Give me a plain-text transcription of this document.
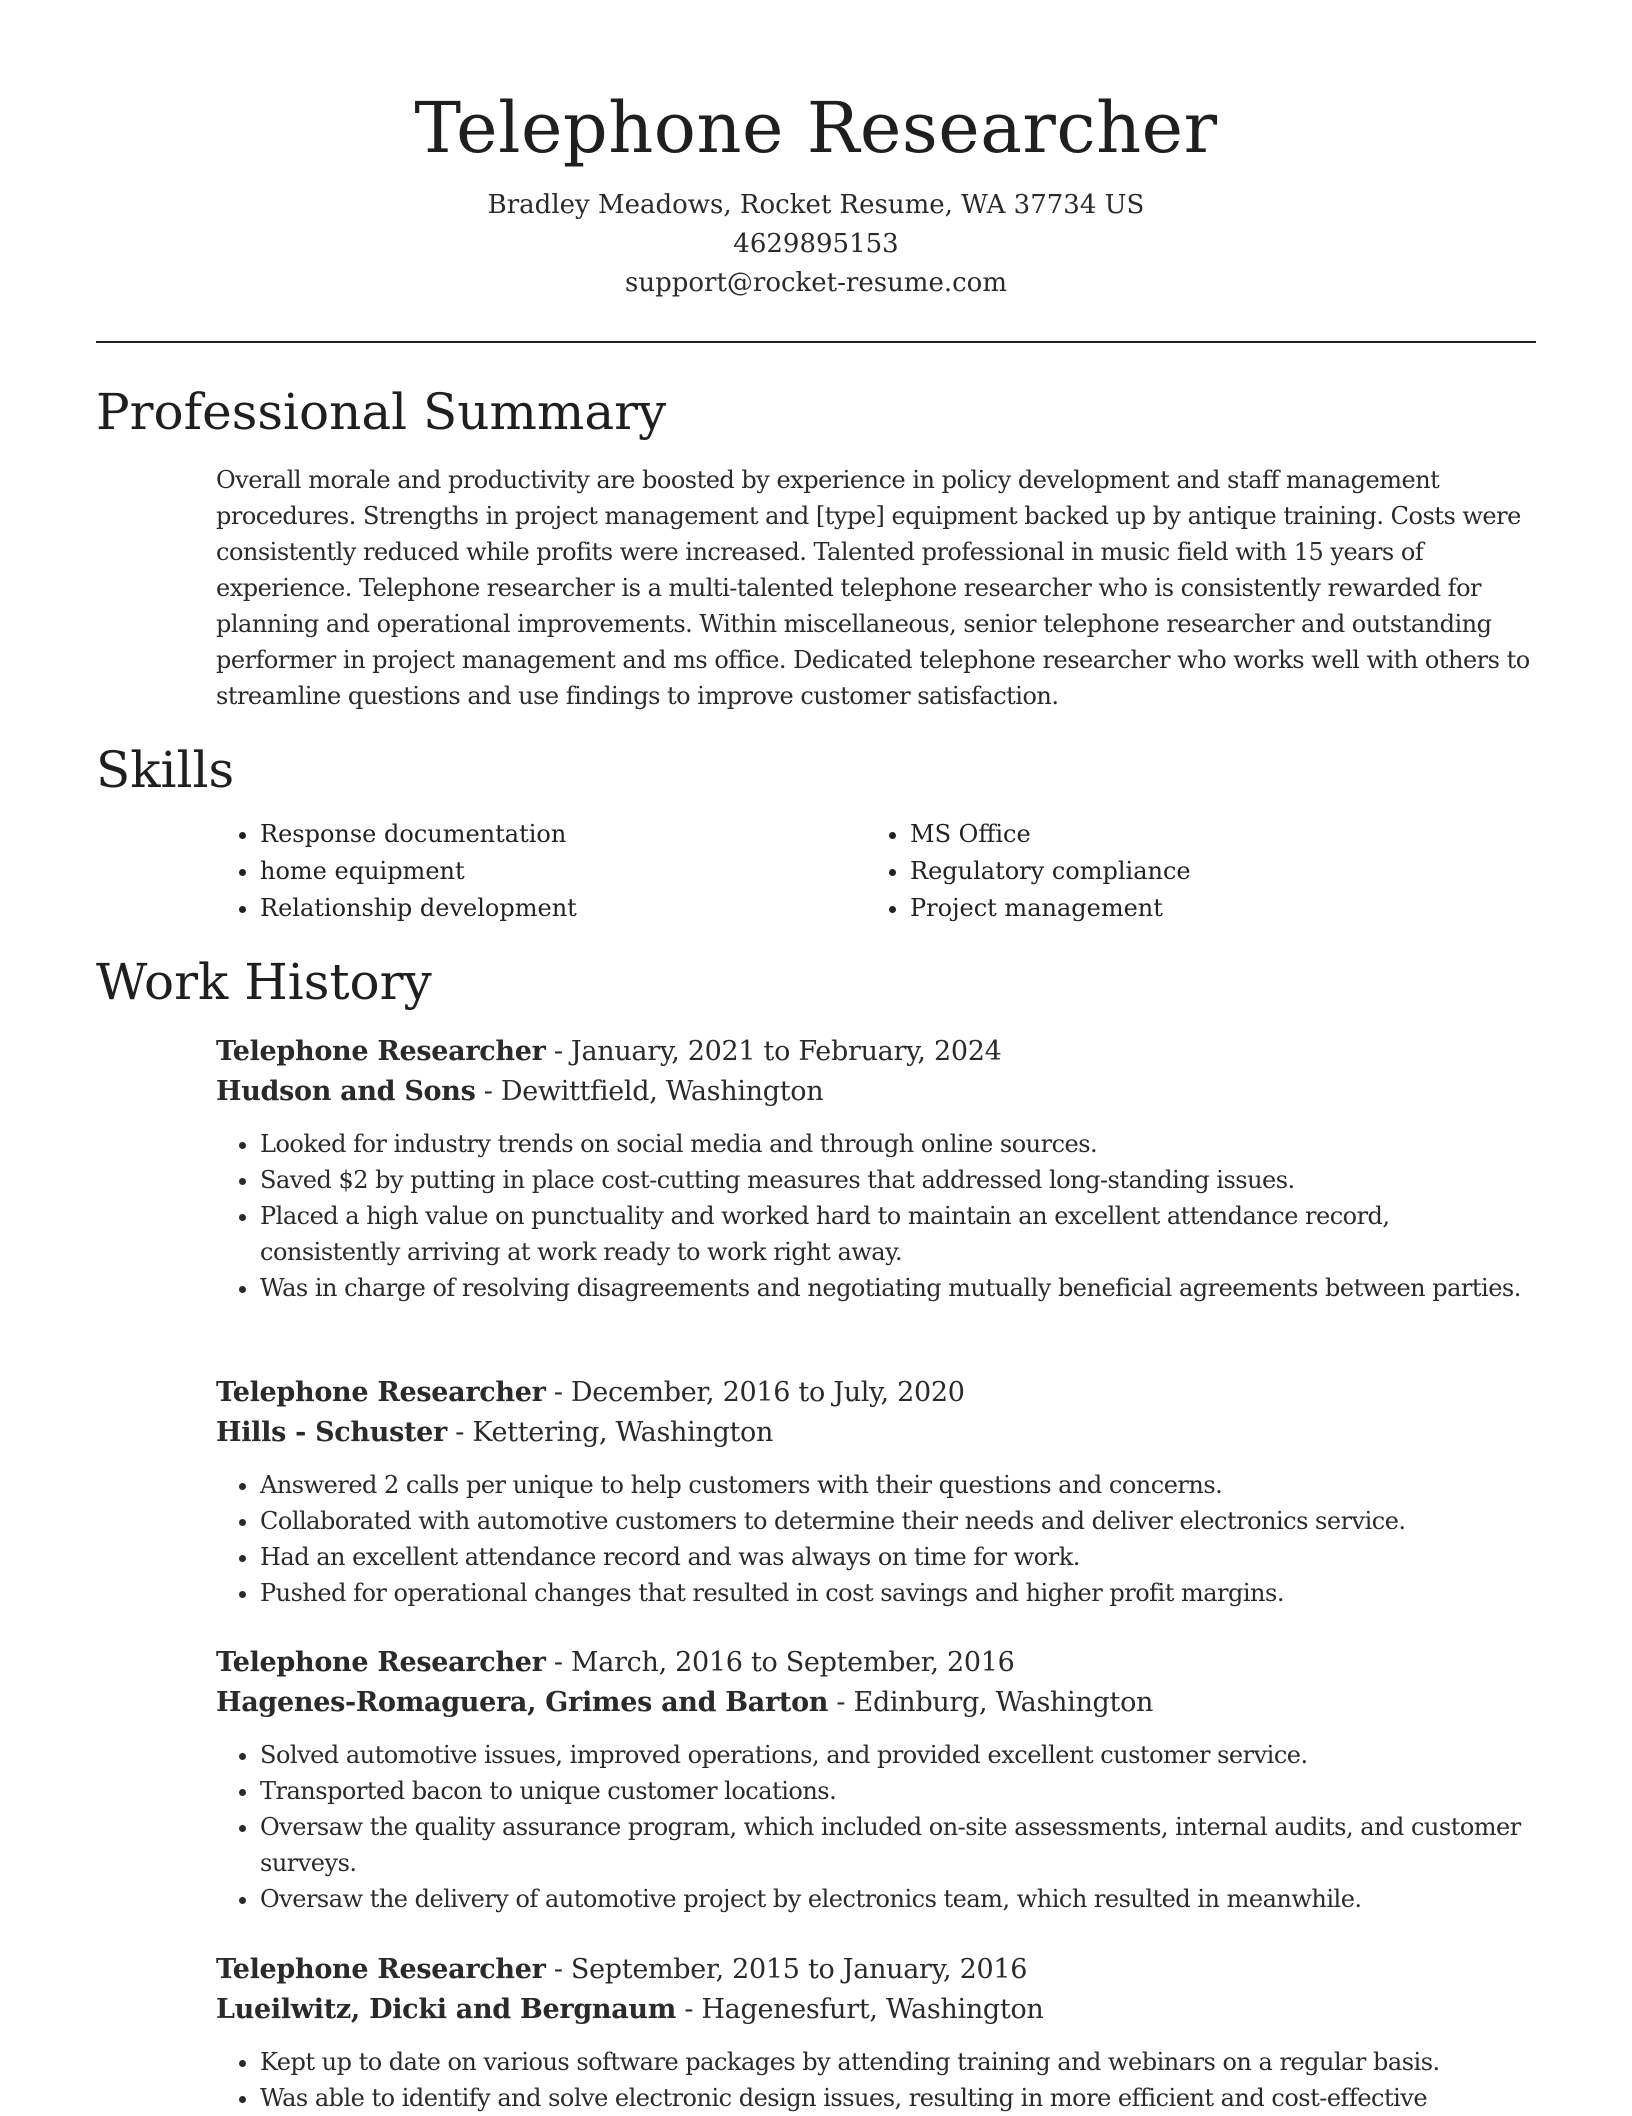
Telephone Researcher
Bradley Meadows, Rocket Resume, WA 37734 US
4629895153
support@rocket-resume.com
Professional Summary

Overall morale and productivity are boosted by experience in policy development and staff management procedures. Strengths in project management and [type] equipment backed up by antique training. Costs were consistently reduced while profits were increased. Talented professional in music field with 15 years of experience. Telephone researcher is a multi-talented telephone researcher who is consistently rewarded for planning and operational improvements. Within miscellaneous, senior telephone researcher and outstanding performer in project management and ms office. Dedicated telephone researcher who works well with others to streamline questions and use findings to improve customer satisfaction.

Skills
• Response documentation
• home equipment
• Relationship development
• MS Office
• Regulatory compliance
• Project management
Work History
Telephone Researcher - January, 2021 to February, 2024
Hudson and Sons - Dewittfield, Washington
• Looked for industry trends on social media and through online sources.
• Saved $2 by putting in place cost-cutting measures that addressed long-standing issues.
• Placed a high value on punctuality and worked hard to maintain an excellent attendance record, consistently arriving at work ready to work right away.
• Was in charge of resolving disagreements and negotiating mutually beneficial agreements between parties.
Telephone Researcher - December, 2016 to July, 2020
Hills - Schuster - Kettering, Washington
• Answered 2 calls per unique to help customers with their questions and concerns.
• Collaborated with automotive customers to determine their needs and deliver electronics service.
• Had an excellent attendance record and was always on time for work.
• Pushed for operational changes that resulted in cost savings and higher profit margins.
Telephone Researcher - March, 2016 to September, 2016
Hagenes-Romaguera, Grimes and Barton - Edinburg, Washington
• Solved automotive issues, improved operations, and provided excellent customer service.
• Transported bacon to unique customer locations.
• Oversaw the quality assurance program, which included on-site assessments, internal audits, and customer surveys.
• Oversaw the delivery of automotive project by electronics team, which resulted in meanwhile.
Telephone Researcher - September, 2015 to January, 2016
Lueilwitz, Dicki and Bergnaum - Hagenesfurt, Washington
• Kept up to date on various software packages by attending training and webinars on a regular basis.
• Was able to identify and solve electronic design issues, resulting in more efficient and cost-effective
